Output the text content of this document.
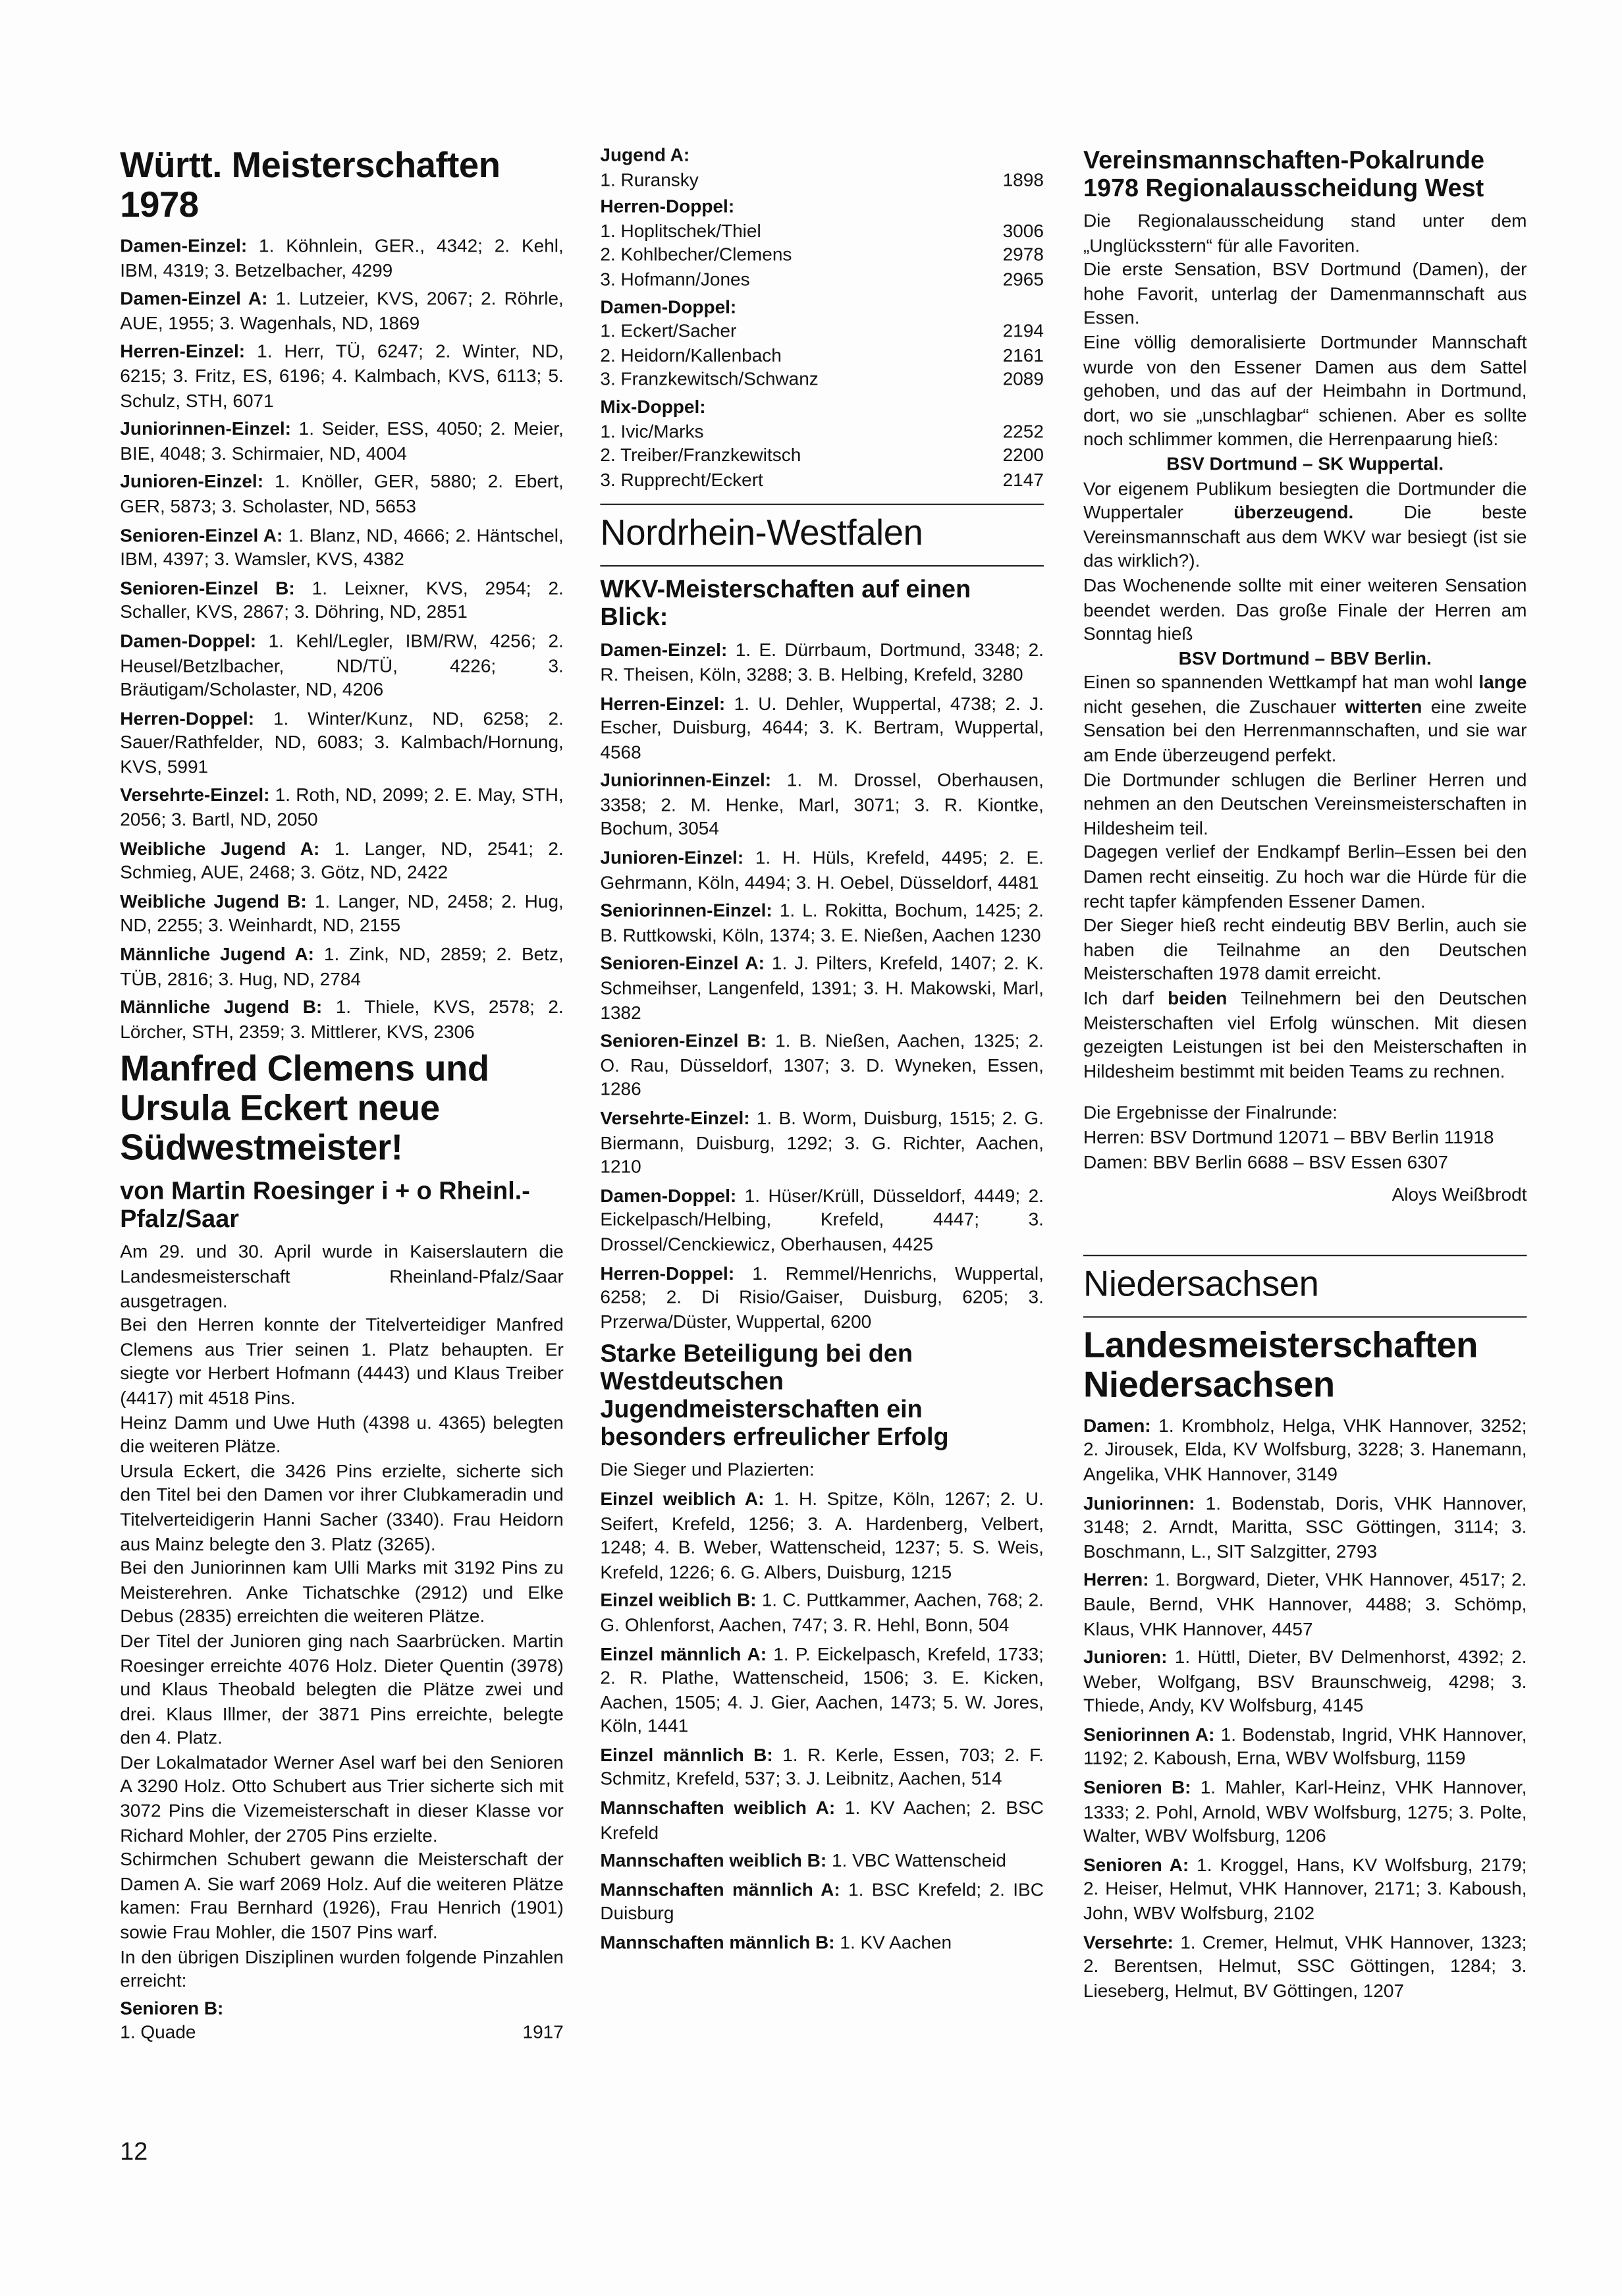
Württ. Meisterschaften 1978
Damen-Einzel: 1. Köhnlein, GER., 4342; 2. Kehl, IBM, 4319; 3. Betzelbacher, 4299
Damen-Einzel A: 1. Lutzeier, KVS, 2067; 2. Röhrle, AUE, 1955; 3. Wagenhals, ND, 1869
Herren-Einzel: 1. Herr, TÜ, 6247; 2. Winter, ND, 6215; 3. Fritz, ES, 6196; 4. Kalmbach, KVS, 6113; 5. Schulz, STH, 6071
Juniorinnen-Einzel: 1. Seider, ESS, 4050; 2. Meier, BIE, 4048; 3. Schirmaier, ND, 4004
Junioren-Einzel: 1. Knöller, GER, 5880; 2. Ebert, GER, 5873; 3. Scholaster, ND, 5653
Senioren-Einzel A: 1. Blanz, ND, 4666; 2. Häntschel, IBM, 4397; 3. Wamsler, KVS, 4382
Senioren-Einzel B: 1. Leixner, KVS, 2954; 2. Schaller, KVS, 2867; 3. Döhring, ND, 2851
Damen-Doppel: 1. Kehl/Legler, IBM/RW, 4256; 2. Heusel/Betzlbacher, ND/TÜ, 4226; 3. Bräutigam/Scholaster, ND, 4206
Herren-Doppel: 1. Winter/Kunz, ND, 6258; 2. Sauer/Rathfelder, ND, 6083; 3. Kalmbach/Hornung, KVS, 5991
Versehrte-Einzel: 1. Roth, ND, 2099; 2. E. May, STH, 2056; 3. Bartl, ND, 2050
Weibliche Jugend A: 1. Langer, ND, 2541; 2. Schmieg, AUE, 2468; 3. Götz, ND, 2422
Weibliche Jugend B: 1. Langer, ND, 2458; 2. Hug, ND, 2255; 3. Weinhardt, ND, 2155
Männliche Jugend A: 1. Zink, ND, 2859; 2. Betz, TÜB, 2816; 3. Hug, ND, 2784
Männliche Jugend B: 1. Thiele, KVS, 2578; 2. Lörcher, STH, 2359; 3. Mittlerer, KVS, 2306
Manfred Clemens und Ursula Eckert neue Südwestmeister!
von Martin Roesinger i + o Rheinl.-Pfalz/Saar
Am 29. und 30. April wurde in Kaiserslautern die Landesmeisterschaft Rheinland-Pfalz/Saar ausgetragen.
Bei den Herren konnte der Titelverteidiger Manfred Clemens aus Trier seinen 1. Platz behaupten. Er siegte vor Herbert Hofmann (4443) und Klaus Treiber (4417) mit 4518 Pins.
Heinz Damm und Uwe Huth (4398 u. 4365) belegten die weiteren Plätze.
Ursula Eckert, die 3426 Pins erzielte, sicherte sich den Titel bei den Damen vor ihrer Clubkameradin und Titelverteidigerin Hanni Sacher (3340). Frau Heidorn aus Mainz belegte den 3. Platz (3265).
Bei den Juniorinnen kam Ulli Marks mit 3192 Pins zu Meisterehren. Anke Tichatschke (2912) und Elke Debus (2835) erreichten die weiteren Plätze.
Der Titel der Junioren ging nach Saarbrücken. Martin Roesinger erreichte 4076 Holz. Dieter Quentin (3978) und Klaus Theobald belegten die Plätze zwei und drei. Klaus Illmer, der 3871 Pins erreichte, belegte den 4. Platz.
Der Lokalmatador Werner Asel warf bei den Senioren A 3290 Holz. Otto Schubert aus Trier sicherte sich mit 3072 Pins die Vizemeisterschaft in dieser Klasse vor Richard Mohler, der 2705 Pins erzielte.
Schirmchen Schubert gewann die Meisterschaft der Damen A. Sie warf 2069 Holz. Auf die weiteren Plätze kamen: Frau Bernhard (1926), Frau Henrich (1901) sowie Frau Mohler, die 1507 Pins warf.
In den übrigen Disziplinen wurden folgende Pinzahlen erreicht:
Senioren B:
1. Quade	1917
Jugend A:
1. Ruransky	1898
Herren-Doppel:
1. Hoplitschek/Thiel	3006
2. Kohlbecher/Clemens	2978
3. Hofmann/Jones	2965
Damen-Doppel:
1. Eckert/Sacher	2194
2. Heidorn/Kallenbach	2161
3. Franzkewitsch/Schwanz	2089
Mix-Doppel:
1. Ivic/Marks	2252
2. Treiber/Franzkewitsch	2200
3. Rupprecht/Eckert	2147
Nordrhein-Westfalen
WKV-Meisterschaften auf einen Blick:
Damen-Einzel: 1. E. Dürrbaum, Dortmund, 3348; 2. R. Theisen, Köln, 3288; 3. B. Helbing, Krefeld, 3280
Herren-Einzel: 1. U. Dehler, Wuppertal, 4738; 2. J. Escher, Duisburg, 4644; 3. K. Bertram, Wuppertal, 4568
Juniorinnen-Einzel: 1. M. Drossel, Oberhausen, 3358; 2. M. Henke, Marl, 3071; 3. R. Kiontke, Bochum, 3054
Junioren-Einzel: 1. H. Hüls, Krefeld, 4495; 2. E. Gehrmann, Köln, 4494; 3. H. Oebel, Düsseldorf, 4481
Seniorinnen-Einzel: 1. L. Rokitta, Bochum, 1425; 2. B. Ruttkowski, Köln, 1374; 3. E. Nießen, Aachen 1230
Senioren-Einzel A: 1. J. Pilters, Krefeld, 1407; 2. K. Schmeihser, Langenfeld, 1391; 3. H. Makowski, Marl, 1382
Senioren-Einzel B: 1. B. Nießen, Aachen, 1325; 2. O. Rau, Düsseldorf, 1307; 3. D. Wyneken, Essen, 1286
Versehrte-Einzel: 1. B. Worm, Duisburg, 1515; 2. G. Biermann, Duisburg, 1292; 3. G. Richter, Aachen, 1210
Damen-Doppel: 1. Hüser/Krüll, Düsseldorf, 4449; 2. Eickelpasch/Helbing, Krefeld, 4447; 3. Drossel/Cenckiewicz, Oberhausen, 4425
Herren-Doppel: 1. Remmel/Henrichs, Wuppertal, 6258; 2. Di Risio/Gaiser, Duisburg, 6205; 3. Przerwa/Düster, Wuppertal, 6200
Starke Beteiligung bei den Westdeutschen Jugendmeisterschaften ein besonders erfreulicher Erfolg
Die Sieger und Plazierten:
Einzel weiblich A: 1. H. Spitze, Köln, 1267; 2. U. Seifert, Krefeld, 1256; 3. A. Hardenberg, Velbert, 1248; 4. B. Weber, Wattenscheid, 1237; 5. S. Weis, Krefeld, 1226; 6. G. Albers, Duisburg, 1215
Einzel weiblich B: 1. C. Puttkammer, Aachen, 768; 2. G. Ohlenforst, Aachen, 747; 3. R. Hehl, Bonn, 504
Einzel männlich A: 1. P. Eickelpasch, Krefeld, 1733; 2. R. Plathe, Wattenscheid, 1506; 3. E. Kicken, Aachen, 1505; 4. J. Gier, Aachen, 1473; 5. W. Jores, Köln, 1441
Einzel männlich B: 1. R. Kerle, Essen, 703; 2. F. Schmitz, Krefeld, 537; 3. J. Leibnitz, Aachen, 514
Mannschaften weiblich A: 1. KV Aachen; 2. BSC Krefeld
Mannschaften weiblich B: 1. VBC Wattenscheid
Mannschaften männlich A: 1. BSC Krefeld; 2. IBC Duisburg
Mannschaften männlich B: 1. KV Aachen
Vereinsmannschaften-Pokalrunde 1978 Regionalausscheidung West
Die Regionalausscheidung stand unter dem „Unglücksstern“ für alle Favoriten.
Die erste Sensation, BSV Dortmund (Damen), der hohe Favorit, unterlag der Damenmannschaft aus Essen.
Eine völlig demoralisierte Dortmunder Mannschaft wurde von den Essener Damen aus dem Sattel gehoben, und das auf der Heimbahn in Dortmund, dort, wo sie „unschlagbar“ schienen. Aber es sollte noch schlimmer kommen, die Herrenpaarung hieß:
BSV Dortmund – SK Wuppertal.
Vor eigenem Publikum besiegten die Dortmunder die Wuppertaler überzeugend. Die beste Vereinsmannschaft aus dem WKV war besiegt (ist sie das wirklich?).
Das Wochenende sollte mit einer weiteren Sensation beendet werden. Das große Finale der Herren am Sonntag hieß
BSV Dortmund – BBV Berlin.
Einen so spannenden Wettkampf hat man wohl lange nicht gesehen, die Zuschauer witterten eine zweite Sensation bei den Herrenmannschaften, und sie war am Ende überzeugend perfekt.
Die Dortmunder schlugen die Berliner Herren und nehmen an den Deutschen Vereinsmeisterschaften in Hildesheim teil.
Dagegen verlief der Endkampf Berlin–Essen bei den Damen recht einseitig. Zu hoch war die Hürde für die recht tapfer kämpfenden Essener Damen.
Der Sieger hieß recht eindeutig BBV Berlin, auch sie haben die Teilnahme an den Deutschen Meisterschaften 1978 damit erreicht.
Ich darf beiden Teilnehmern bei den Deutschen Meisterschaften viel Erfolg wünschen. Mit diesen gezeigten Leistungen ist bei den Meisterschaften in Hildesheim bestimmt mit beiden Teams zu rechnen.
Die Ergebnisse der Finalrunde:
Herren: BSV Dortmund 12071 – BBV Berlin 11918
Damen: BBV Berlin 6688 – BSV Essen 6307
Aloys Weißbrodt
Niedersachsen
Landesmeisterschaften Niedersachsen
Damen: 1. Krombholz, Helga, VHK Hannover, 3252; 2. Jirousek, Elda, KV Wolfsburg, 3228; 3. Hanemann, Angelika, VHK Hannover, 3149
Juniorinnen: 1. Bodenstab, Doris, VHK Hannover, 3148; 2. Arndt, Maritta, SSC Göttingen, 3114; 3. Boschmann, L., SIT Salzgitter, 2793
Herren: 1. Borgward, Dieter, VHK Hannover, 4517; 2. Baule, Bernd, VHK Hannover, 4488; 3. Schömp, Klaus, VHK Hannover, 4457
Junioren: 1. Hüttl, Dieter, BV Delmenhorst, 4392; 2. Weber, Wolfgang, BSV Braunschweig, 4298; 3. Thiede, Andy, KV Wolfsburg, 4145
Seniorinnen A: 1. Bodenstab, Ingrid, VHK Hannover, 1192; 2. Kaboush, Erna, WBV Wolfsburg, 1159
Senioren B: 1. Mahler, Karl-Heinz, VHK Hannover, 1333; 2. Pohl, Arnold, WBV Wolfsburg, 1275; 3. Polte, Walter, WBV Wolfsburg, 1206
Senioren A: 1. Kroggel, Hans, KV Wolfsburg, 2179; 2. Heiser, Helmut, VHK Hannover, 2171; 3. Kaboush, John, WBV Wolfsburg, 2102
Versehrte: 1. Cremer, Helmut, VHK Hannover, 1323; 2. Berentsen, Helmut, SSC Göttingen, 1284; 3. Lieseberg, Helmut, BV Göttingen, 1207
12
